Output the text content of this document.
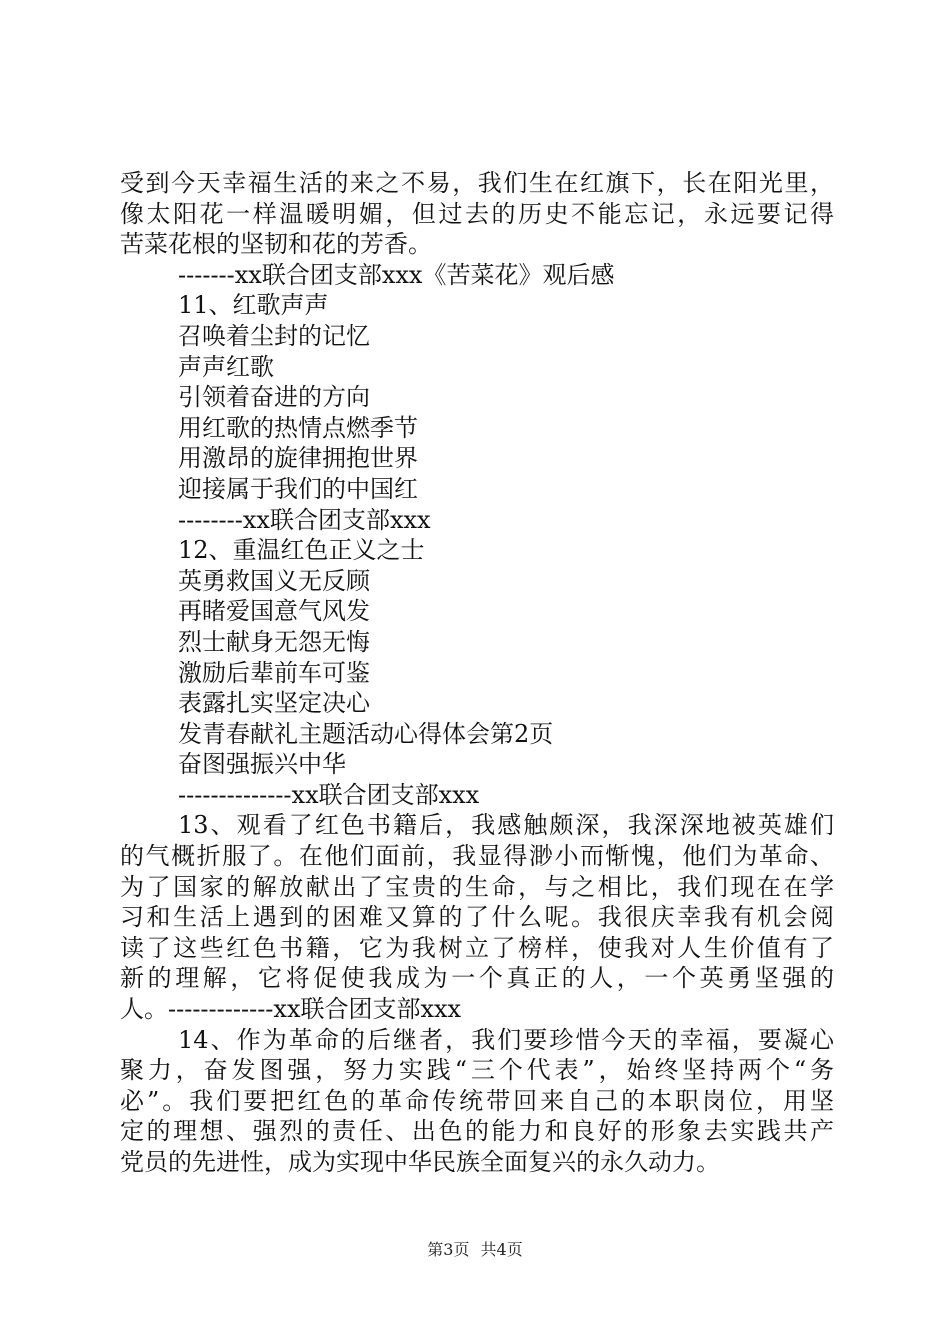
受到今天幸福生活的来之不易，我们生在红旗下，长在阳光里，
像太阳花一样温暖明媚，但过去的历史不能忘记，永远要记得
苦菜花根的坚韧和花的芳香。
-------xx联合团支部xxx《苦菜花》观后感
11、红歌声声
召唤着尘封的记忆
声声红歌
引领着奋进的方向
用红歌的热情点燃季节
用激昂的旋律拥抱世界
迎接属于我们的中国红
--------xx联合团支部xxx
12、重温红色正义之士
英勇救国义无反顾
再睹爱国意气风发
烈士献身无怨无悔
激励后辈前车可鉴
表露扎实坚定决心
发青春献礼主题活动心得体会第2页
奋图强振兴中华
--------------xx联合团支部xxx
13、观看了红色书籍后，我感触颇深，我深深地被英雄们
的气概折服了。在他们面前，我显得渺小而惭愧，他们为革命、
为了国家的解放献出了宝贵的生命，与之相比，我们现在在学
习和生活上遇到的困难又算的了什么呢。我很庆幸我有机会阅
读了这些红色书籍，它为我树立了榜样，使我对人生价值有了
新的理解，它将促使我成为一个真正的人，一个英勇坚强的
人。-------------xx联合团支部xxx
14、作为革命的后继者，我们要珍惜今天的幸福，要凝心
聚力，奋发图强，努力实践“三个代表”，始终坚持两个“务
必”。我们要把红色的革命传统带回来自己的本职岗位，用坚
定的理想、强烈的责任、出色的能力和良好的形象去实践共产
党员的先进性，成为实现中华民族全面复兴的永久动力。
第3页 共4页
